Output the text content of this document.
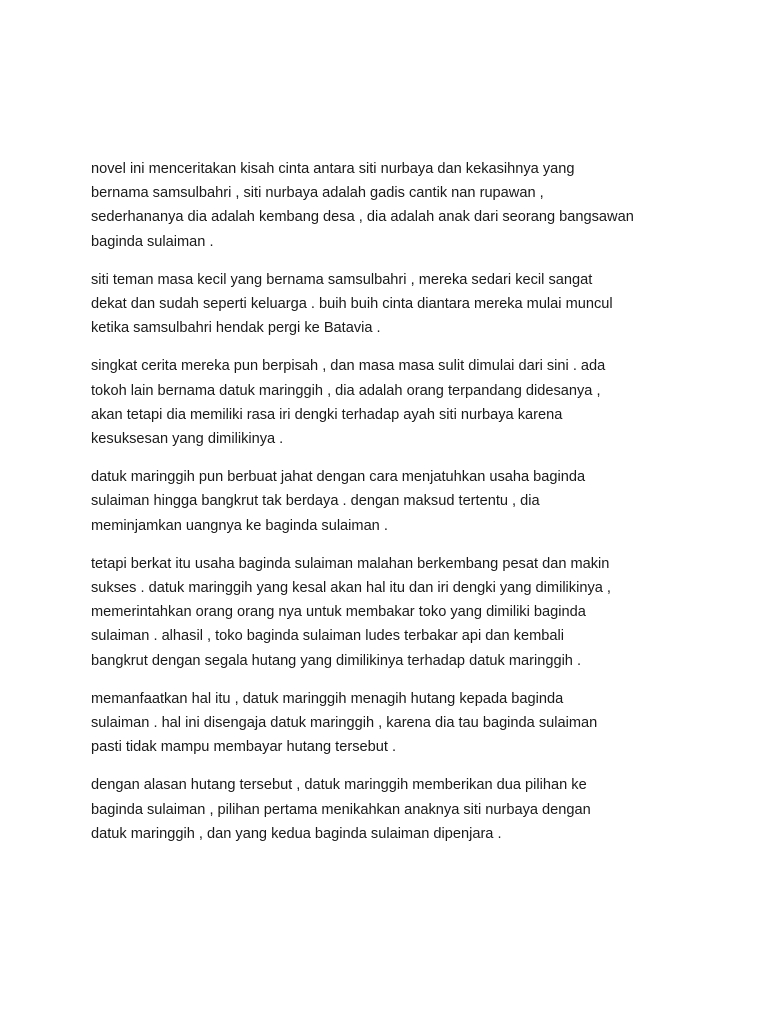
novel ini menceritakan kisah cinta antara siti nurbaya dan kekasihnya yang
bernama samsulbahri , siti nurbaya adalah gadis cantik nan rupawan ,
sederhananya dia adalah kembang desa , dia adalah anak dari seorang bangsawan
baginda sulaiman .

siti teman masa kecil yang bernama samsulbahri , mereka sedari kecil sangat
dekat dan sudah seperti keluarga . buih buih cinta diantara mereka mulai muncul
ketika samsulbahri hendak pergi ke Batavia .

singkat cerita mereka pun berpisah , dan masa masa sulit dimulai dari sini . ada
tokoh lain bernama datuk maringgih , dia adalah orang terpandang didesanya ,
akan tetapi dia memiliki rasa iri dengki terhadap ayah siti nurbaya karena
kesuksesan yang dimilikinya .

datuk maringgih pun berbuat jahat dengan cara menjatuhkan usaha baginda
sulaiman hingga bangkrut tak berdaya . dengan maksud tertentu , dia
meminjamkan uangnya ke baginda sulaiman .

tetapi berkat itu usaha baginda sulaiman malahan berkembang pesat dan makin
sukses . datuk maringgih yang kesal akan hal itu dan iri dengki yang dimilikinya ,
memerintahkan orang orang nya untuk membakar toko yang dimiliki baginda
sulaiman . alhasil , toko baginda sulaiman ludes terbakar api dan kembali
bangkrut dengan segala hutang yang dimilikinya terhadap datuk maringgih .

memanfaatkan hal itu , datuk maringgih menagih hutang kepada baginda
sulaiman . hal ini disengaja datuk maringgih , karena dia tau baginda sulaiman
pasti tidak mampu membayar hutang tersebut .

dengan alasan hutang tersebut , datuk maringgih memberikan dua pilihan ke
baginda sulaiman , pilihan pertama menikahkan anaknya siti nurbaya dengan
datuk maringgih , dan yang kedua baginda sulaiman dipenjara .
